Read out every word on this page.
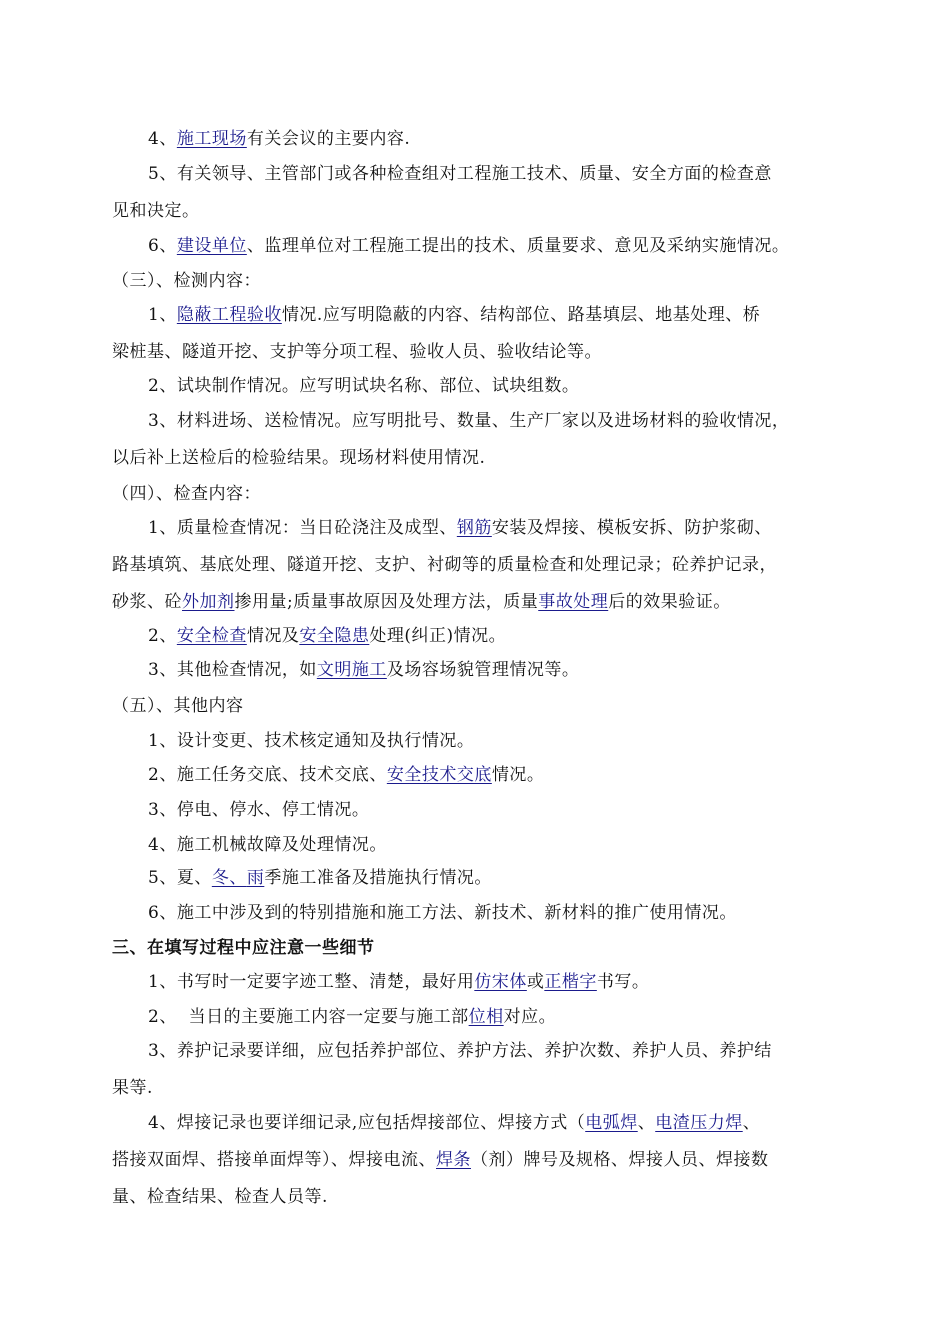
4、施工现场有关会议的主要内容.
5、有关领导、主管部门或各种检查组对工程施工技术、质量、安全方面的检查意
见和决定。
6、建设单位、监理单位对工程施工提出的技术、质量要求、意见及采纳实施情况。
（三）、检测内容：
1、隐蔽工程验收情况.应写明隐蔽的内容、结构部位、路基填层、地基处理、桥
梁桩基、隧道开挖、支护等分项工程、验收人员、验收结论等。
2、试块制作情况。应写明试块名称、部位、试块组数。
3、材料进场、送检情况。应写明批号、数量、生产厂家以及进场材料的验收情况，
以后补上送检后的检验结果。现场材料使用情况.
（四）、检查内容：
1、质量检查情况：当日砼浇注及成型、钢筋安装及焊接、模板安拆、防护浆砌、
路基填筑、基底处理、隧道开挖、支护、衬砌等的质量检查和处理记录；砼养护记录，
砂浆、砼外加剂掺用量;质量事故原因及处理方法，质量事故处理后的效果验证。
2、安全检查情况及安全隐患处理(纠正)情况。
3、其他检查情况，如文明施工及场容场貌管理情况等。
（五）、其他内容
1、设计变更、技术核定通知及执行情况。
2、施工任务交底、技术交底、安全技术交底情况。
3、停电、停水、停工情况。
4、施工机械故障及处理情况。
5、夏、冬、雨季施工准备及措施执行情况。
6、施工中涉及到的特别措施和施工方法、新技术、新材料的推广使用情况。
三、在填写过程中应注意一些细节
1、书写时一定要字迹工整、清楚，最好用仿宋体或正楷字书写。
2、  当日的主要施工内容一定要与施工部位相对应。
3、养护记录要详细，应包括养护部位、养护方法、养护次数、养护人员、养护结
果等.
4、焊接记录也要详细记录,应包括焊接部位、焊接方式（电弧焊、电渣压力焊、
搭接双面焊、搭接单面焊等）、焊接电流、焊条（剂）牌号及规格、焊接人员、焊接数
量、检查结果、检查人员等.
